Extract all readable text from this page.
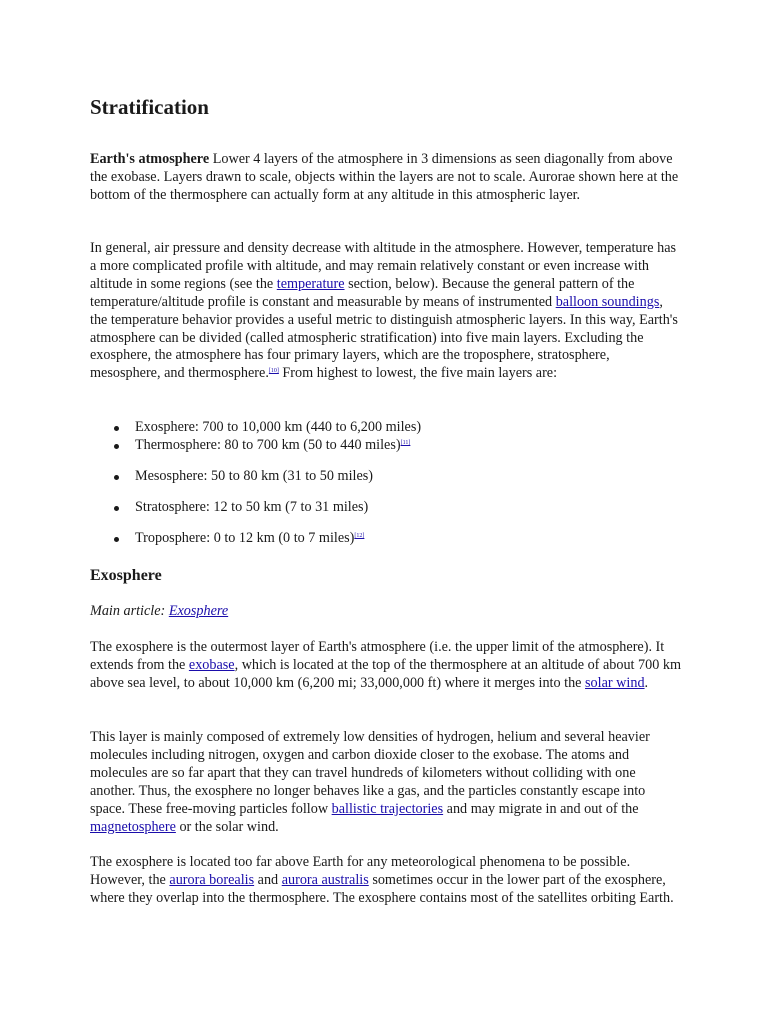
Stratification

Earth's atmosphere Lower 4 layers of the atmosphere in 3 dimensions as seen diagonally from above the exobase. Layers drawn to scale, objects within the layers are not to scale. Aurorae shown here at the bottom of the thermosphere can actually form at any altitude in this atmospheric layer.

In general, air pressure and density decrease with altitude in the atmosphere. However, temperature has a more complicated profile with altitude, and may remain relatively constant or even increase with altitude in some regions (see the temperature section, below). Because the general pattern of the temperature/altitude profile is constant and measurable by means of instrumented balloon soundings, the temperature behavior provides a useful metric to distinguish atmospheric layers. In this way, Earth's atmosphere can be divided (called atmospheric stratification) into five main layers. Excluding the exosphere, the atmosphere has four primary layers, which are the troposphere, stratosphere, mesosphere, and thermosphere.[10] From highest to lowest, the five main layers are:

Exosphere: 700 to 10,000 km (440 to 6,200 miles)
Thermosphere: 80 to 700 km (50 to 440 miles)[11]
Mesosphere: 50 to 80 km (31 to 50 miles)
Stratosphere: 12 to 50 km (7 to 31 miles)
Troposphere: 0 to 12 km (0 to 7 miles)[12]
Exosphere
Main article: Exosphere

The exosphere is the outermost layer of Earth's atmosphere (i.e. the upper limit of the atmosphere). It extends from the exobase, which is located at the top of the thermosphere at an altitude of about 700 km above sea level, to about 10,000 km (6,200 mi; 33,000,000 ft) where it merges into the solar wind.

This layer is mainly composed of extremely low densities of hydrogen, helium and several heavier molecules including nitrogen, oxygen and carbon dioxide closer to the exobase. The atoms and molecules are so far apart that they can travel hundreds of kilometers without colliding with one another. Thus, the exosphere no longer behaves like a gas, and the particles constantly escape into space. These free-moving particles follow ballistic trajectories and may migrate in and out of the magnetosphere or the solar wind.

The exosphere is located too far above Earth for any meteorological phenomena to be possible. However, the aurora borealis and aurora australis sometimes occur in the lower part of the exosphere, where they overlap into the thermosphere. The exosphere contains most of the satellites orbiting Earth.
